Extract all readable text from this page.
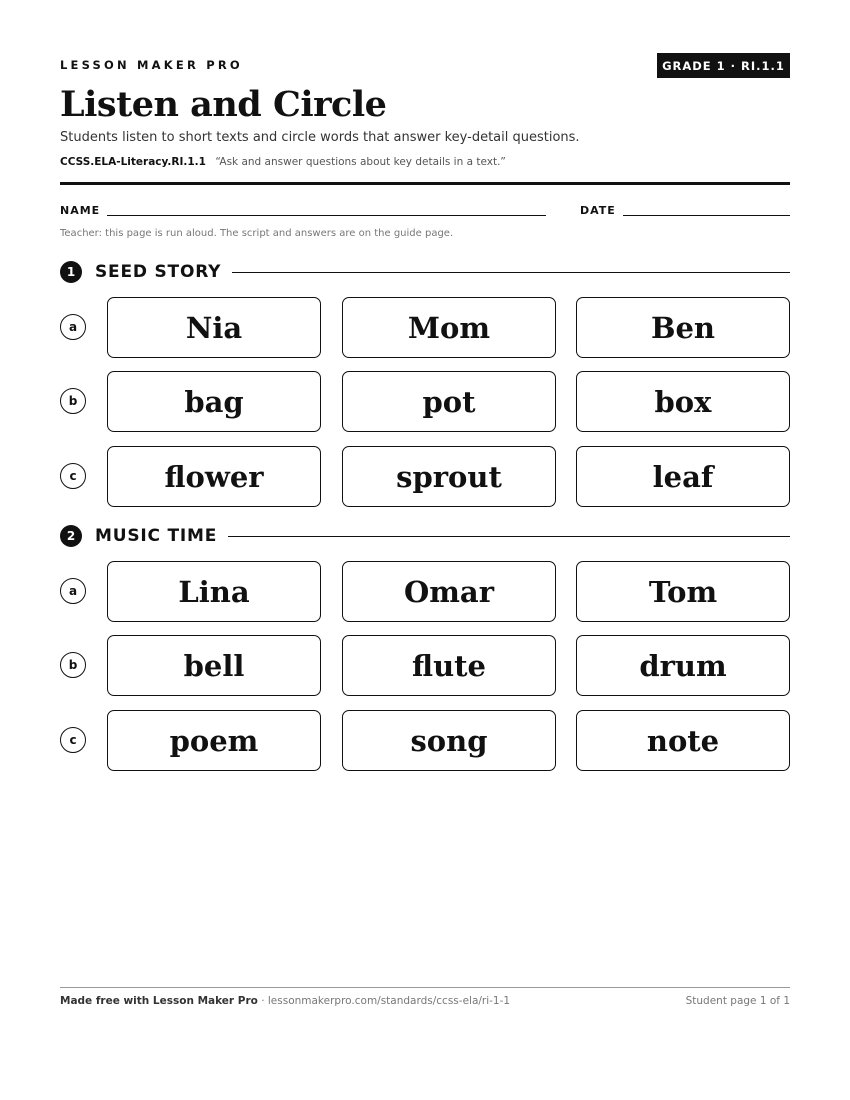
LESSON MAKER PRO	GRADE 1 · RI.1.1
Listen and Circle
Students listen to short texts and circle words that answer key-detail questions.
CCSS.ELA-Literacy.RI.1.1 “Ask and answer questions about key details in a text.”
NAME	DATE
Teacher: this page is run aloud. The script and answers are on the guide page.
1	SEED STORY
a	Nia	Mom	Ben
b	bag	pot	box
c	flower	sprout	leaf
2	MUSIC TIME
a	Lina	Omar	Tom
b	bell	flute	drum
c	poem	song	note
Made free with Lesson Maker Pro · lessonmakerpro.com/standards/ccss-ela/ri-1-1	Student page 1 of 1
